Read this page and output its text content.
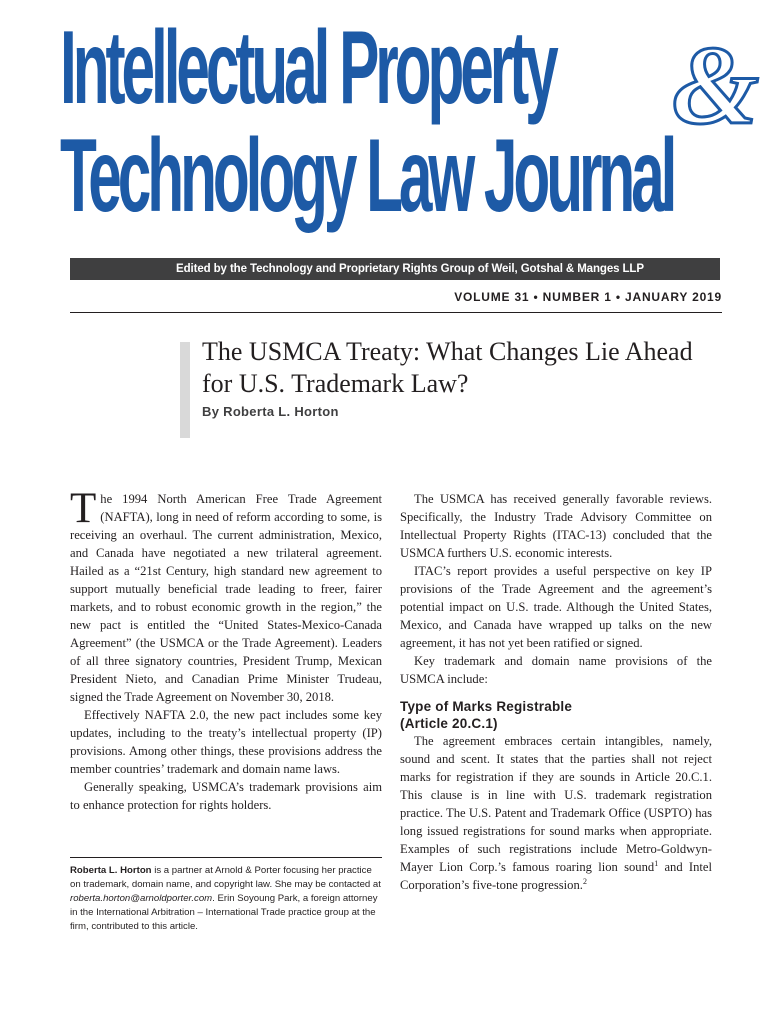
Intellectual Property
Technology Law Journal
&
Edited by the Technology and Proprietary Rights Group of Weil, Gotshal & Manges LLP
VOLUME 31 • NUMBER 1 • JANUARY 2019
The USMCA Treaty: What Changes Lie Ahead for U.S. Trademark Law?
By Roberta L. Horton

The 1994 North American Free Trade Agreement (NAFTA), long in need of reform according to some, is receiving an overhaul. The current administration, Mexico, and Canada have negotiated a new trilateral agreement. Hailed as a “21st Century, high standard new agreement to support mutually beneficial trade leading to freer, fairer markets, and to robust economic growth in the region,” the new pact is entitled the “United States-Mexico-Canada Agreement” (the USMCA or the Trade Agreement). Leaders of all three signatory countries, President Trump, Mexican President Nieto, and Canadian Prime Minister Trudeau, signed the Trade Agreement on November 30, 2018.

Effectively NAFTA 2.0, the new pact includes some key updates, including to the treaty’s intellectual property (IP) provisions. Among other things, these provisions address the member countries’ trademark and domain name laws.

Generally speaking, USMCA’s trademark provisions aim to enhance protection for rights holders.

Roberta L. Horton is a partner at Arnold & Porter focusing her practice on trademark, domain name, and copyright law. She may be contacted at roberta.horton@arnoldporter.com. Erin Soyoung Park, a foreign attorney in the International Arbitration – International Trade practice group at the firm, contributed to this article.

The USMCA has received generally favorable reviews. Specifically, the Industry Trade Advisory Committee on Intellectual Property Rights (ITAC-13) concluded that the USMCA furthers U.S. economic interests.

ITAC’s report provides a useful perspective on key IP provisions of the Trade Agreement and the agreement’s potential impact on U.S. trade. Although the United States, Mexico, and Canada have wrapped up talks on the new agreement, it has not yet been ratified or signed.

Key trademark and domain name provisions of the USMCA include:

Type of Marks Registrable
(Article 20.C.1)

The agreement embraces certain intangibles, namely, sound and scent. It states that the parties shall not reject marks for registration if they are sounds in Article 20.C.1. This clause is in line with U.S. trademark registration practice. The U.S. Patent and Trademark Office (USPTO) has long issued registrations for sound marks when appropriate. Examples of such registrations include Metro-Goldwyn-Mayer Lion Corp.’s famous roaring lion sound$^1$ and Intel Corporation’s five-tone progression.$^2$
